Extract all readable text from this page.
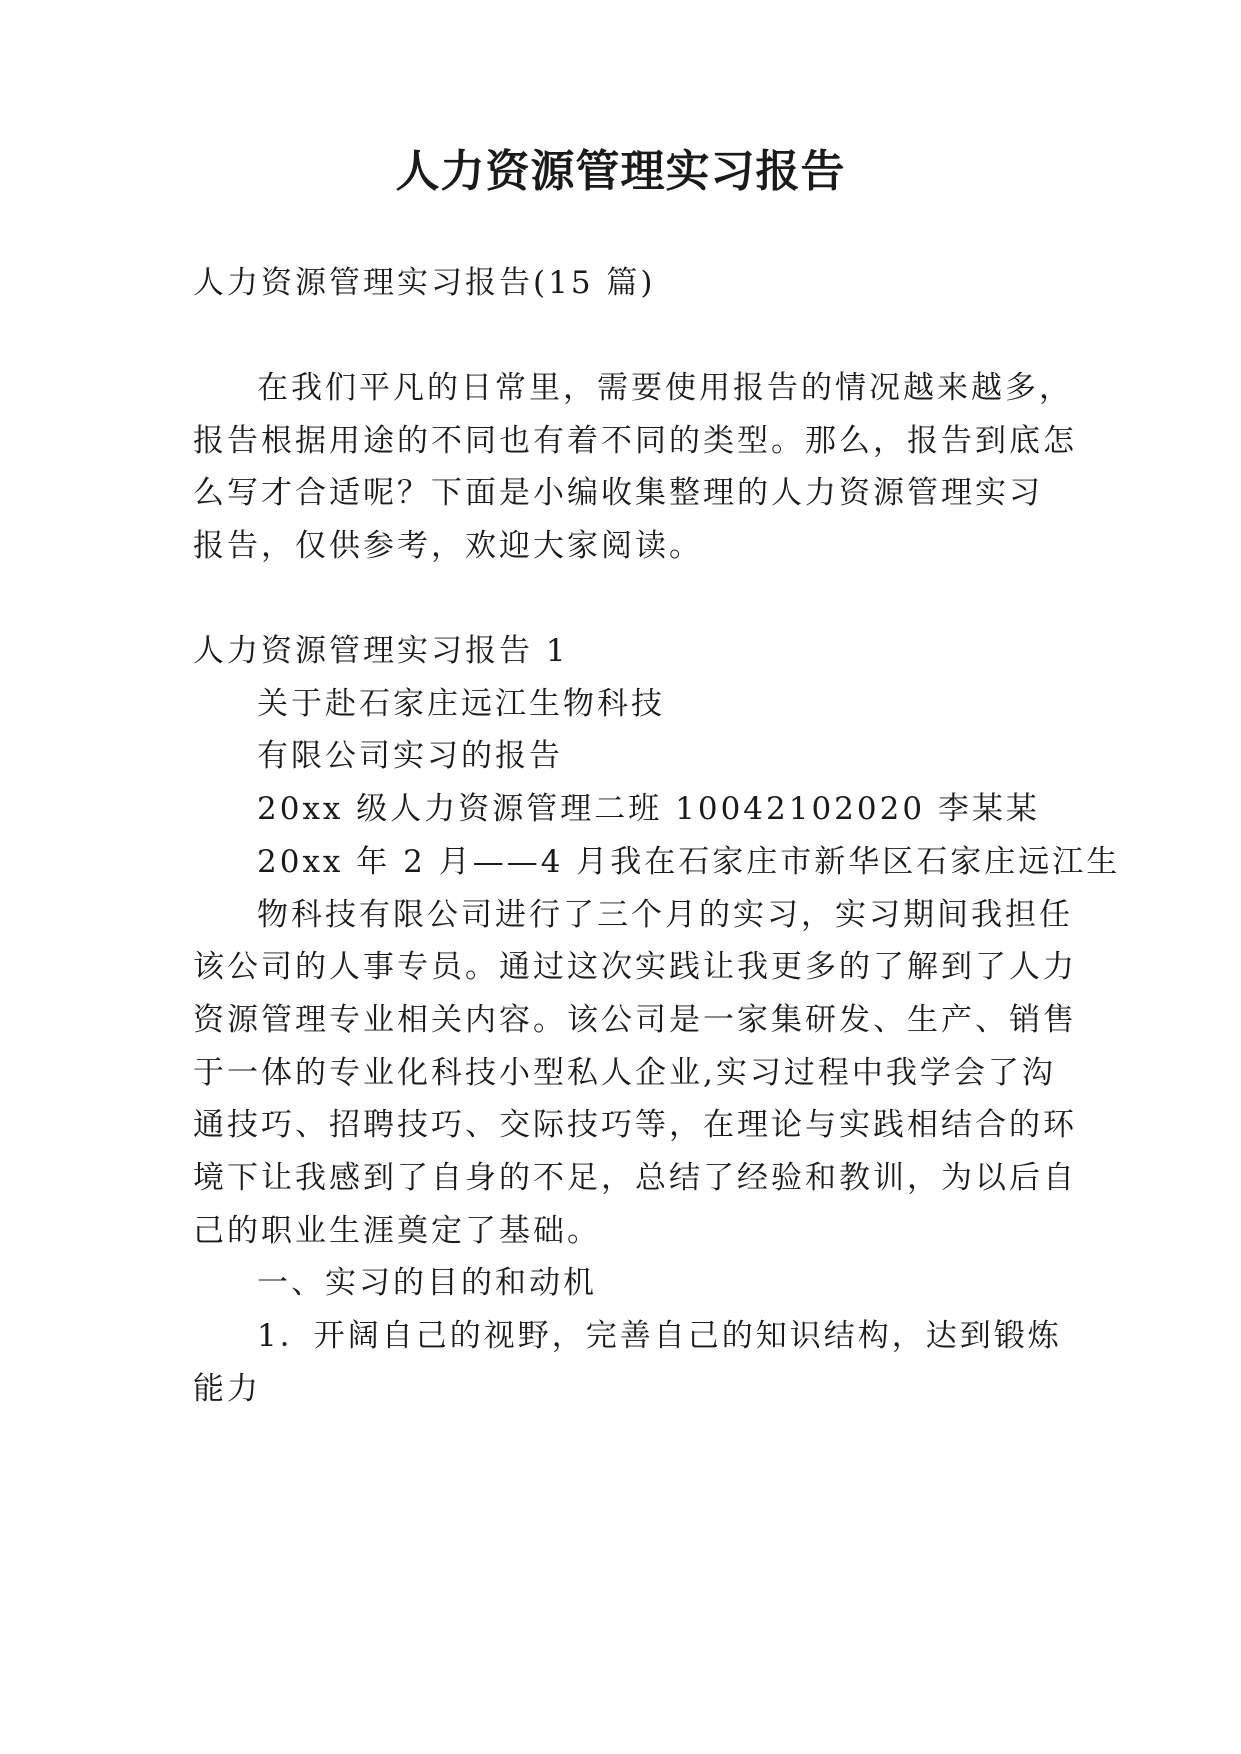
人力资源管理实习报告
人力资源管理实习报告(15 篇)
在我们平凡的日常里，需要使用报告的情况越来越多，
报告根据用途的不同也有着不同的类型。那么，报告到底怎
么写才合适呢？下面是小编收集整理的人力资源管理实习
报告，仅供参考，欢迎大家阅读。
人力资源管理实习报告 1
关于赴石家庄远江生物科技
有限公司实习的报告
20xx 级人力资源管理二班 10042102020 李某某
20xx 年 2 月——4 月我在石家庄市新华区石家庄远江生
物科技有限公司进行了三个月的实习，实习期间我担任
该公司的人事专员。通过这次实践让我更多的了解到了人力
资源管理专业相关内容。该公司是一家集研发、生产、销售
于一体的专业化科技小型私人企业,实习过程中我学会了沟
通技巧、招聘技巧、交际技巧等，在理论与实践相结合的环
境下让我感到了自身的不足，总结了经验和教训，为以后自
己的职业生涯奠定了基础。
一、实习的目的和动机
1．开阔自己的视野，完善自己的知识结构，达到锻炼
能力
